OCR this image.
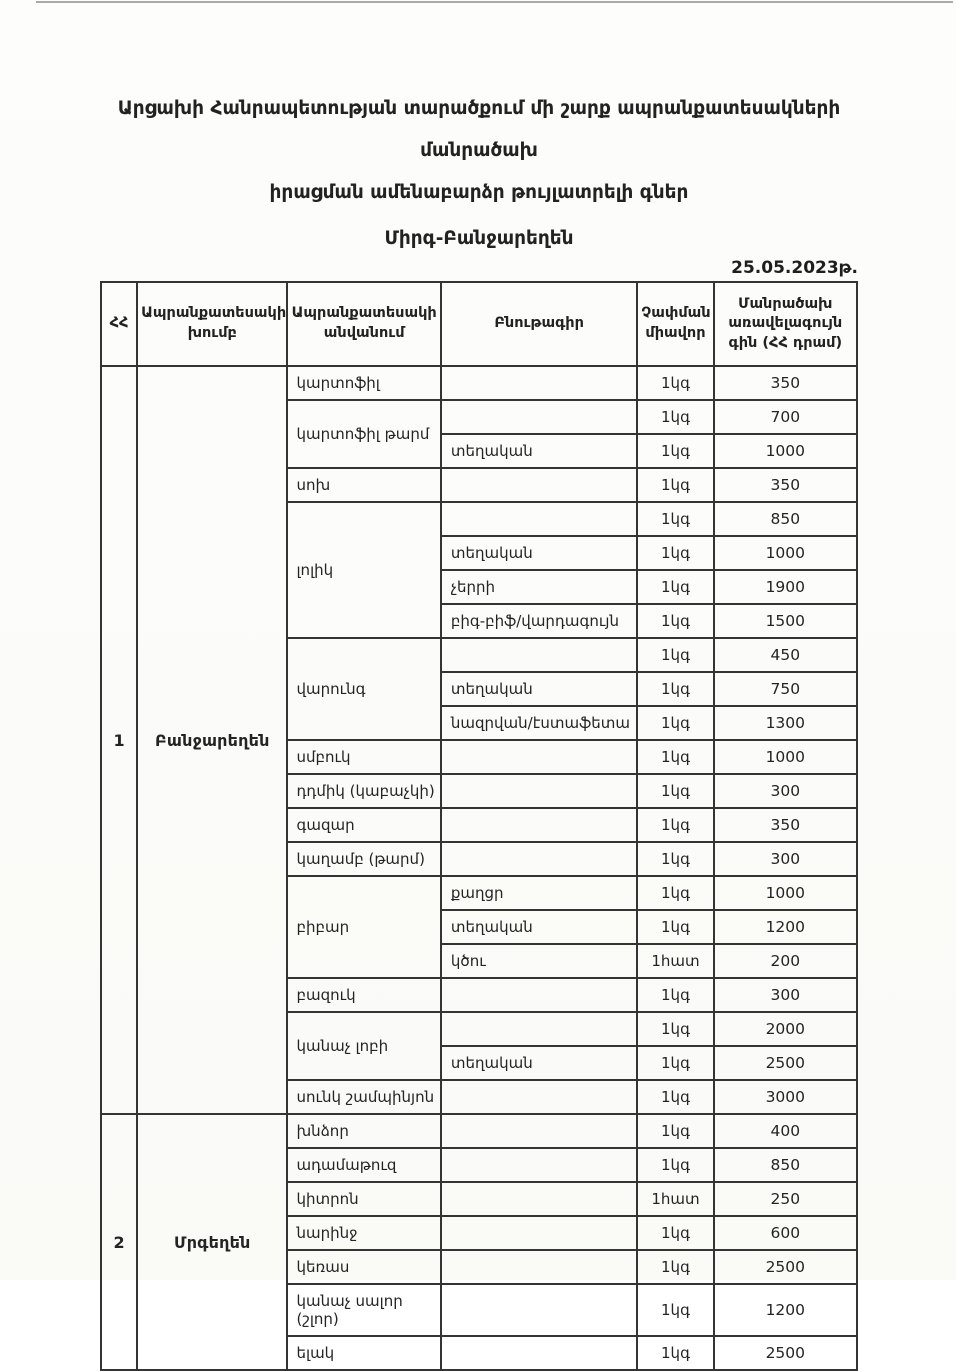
Արցախի Հանրապետության տարածքում մի շարք ապրանքատեսակների մանրածախ
իրացման ամենաբարձր թույլատրելի գներ
Միրգ-Բանջարեղեն
25.05.2023թ.
ՀՀ	Ապրանքատեսակի խումբ	Ապրանքատեսակի անվանում	Բնութագիր	Չափման միավոր	Մանրածախ առավելագույն գին (ՀՀ դրամ)
1	Բանջարեղեն	կարտոֆիլ		1կգ	350
		կարտոֆիլ թարմ		1կգ	700
			տեղական	1կգ	1000
		սոխ		1կգ	350
		լոլիկ		1կգ	850
			տեղական	1կգ	1000
			չերրի	1կգ	1900
			բիգ-բիֆ/վարդագույն	1կգ	1500
		վարունգ		1կգ	450
			տեղական	1կգ	750
			նազրվան/էստաֆետա	1կգ	1300
		սմբուկ		1կգ	1000
		դդմիկ (կաբաչկի)		1կգ	300
		գազար		1կգ	350
		կաղամբ (թարմ)		1կգ	300
		բիբար	քաղցր	1կգ	1000
			տեղական	1կգ	1200
			կծու	1հատ	200
		բազուկ		1կգ	300
		կանաչ լոբի		1կգ	2000
			տեղական	1կգ	2500
		սունկ շամպինյոն		1կգ	3000
2	Մրգեղեն	խնձոր		1կգ	400
		ադամաթուզ		1կգ	850
		կիտրոն		1հատ	250
		նարինջ		1կգ	600
		կեռաս		1կգ	2500
		կանաչ սալոր (շլոր)		1կգ	1200
		ելակ		1կգ	2500
